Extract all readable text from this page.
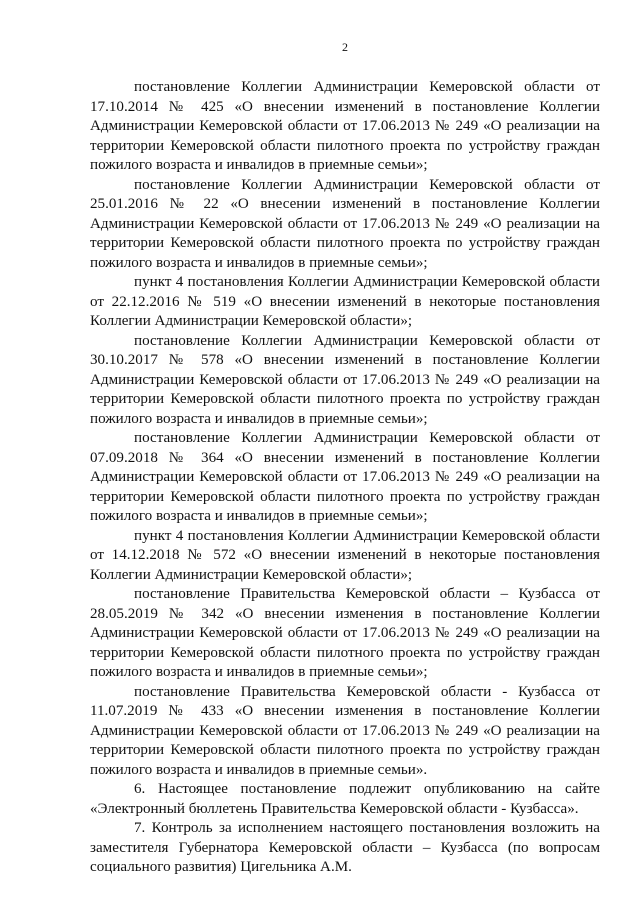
2

постановление Коллегии Администрации Кемеровской области от 17.10.2014 № 425 «О внесении изменений в постановление Коллегии Администрации Кемеровской области от 17.06.2013 № 249 «О реализации на территории Кемеровской области пилотного проекта по устройству граждан пожилого возраста и инвалидов в приемные семьи»;

постановление Коллегии Администрации Кемеровской области от 25.01.2016 № 22 «О внесении изменений в постановление Коллегии Администрации Кемеровской области от 17.06.2013 № 249 «О реализации на территории Кемеровской области пилотного проекта по устройству граждан пожилого возраста и инвалидов в приемные семьи»;

пункт 4 постановления Коллегии Администрации Кемеровской области от 22.12.2016 № 519 «О внесении изменений в некоторые постановления Коллегии Администрации Кемеровской области»;

постановление Коллегии Администрации Кемеровской области от 30.10.2017 № 578 «О внесении изменений в постановление Коллегии Администрации Кемеровской области от 17.06.2013 № 249 «О реализации на территории Кемеровской области пилотного проекта по устройству граждан пожилого возраста и инвалидов в приемные семьи»;

постановление Коллегии Администрации Кемеровской области от 07.09.2018 № 364 «О внесении изменений в постановление Коллегии Администрации Кемеровской области от 17.06.2013 № 249 «О реализации на территории Кемеровской области пилотного проекта по устройству граждан пожилого возраста и инвалидов в приемные семьи»;

пункт 4 постановления Коллегии Администрации Кемеровской области от 14.12.2018 № 572 «О внесении изменений в некоторые постановления Коллегии Администрации Кемеровской области»;

постановление Правительства Кемеровской области – Кузбасса от 28.05.2019 № 342 «О внесении изменения в постановление Коллегии Администрации Кемеровской области от 17.06.2013 № 249 «О реализации на территории Кемеровской области пилотного проекта по устройству граждан пожилого возраста и инвалидов в приемные семьи»;

постановление Правительства Кемеровской области - Кузбасса от 11.07.2019 № 433 «О внесении изменения в постановление Коллегии Администрации Кемеровской области от 17.06.2013 № 249 «О реализации на территории Кемеровской области пилотного проекта по устройству граждан пожилого возраста и инвалидов в приемные семьи».

6. Настоящее постановление подлежит опубликованию на сайте «Электронный бюллетень Правительства Кемеровской области - Кузбасса».

7. Контроль за исполнением настоящего постановления возложить на заместителя Губернатора Кемеровской области – Кузбасса (по вопросам социального развития) Цигельника А.М.
